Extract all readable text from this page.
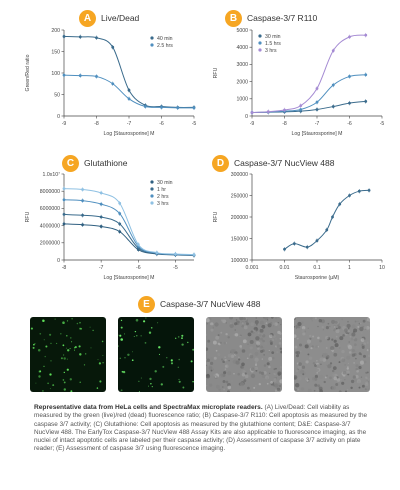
A	Live/Dead
-9	-8	-7	-6	-5
0
50
100
150
200
Log [Staurosporine] M
Green/Red ratio
40 min
2.5 hrs
B	Caspase-3/7 R110
-9	-8	-7	-6	-5
0
1000
2000
3000
4000
5000
Log [Staurosporine] M
RFU
30 min
1.5 hrs
3 hrs
C	Glutathione
-8	-7	-6	-5
0
2000000
4000000
6000000
8000000
1.0x10⁷
Log [Staurosporine] M
RFU
30 min
1 hr
2 hrs
3 hrs
D	Caspase-3/7 NucView 488
0.001	0.01	0.1	1	10
100000
150000
200000
250000
300000
Staurosporine (µM)
RFU
E	Caspase-3/7 NucView 488
Representative data from HeLa cells and SpectraMax microplate readers. (A) Live/Dead: Cell viability as measured by the green (live)/red (dead) fluorescence ratio; (B) Caspase-3/7 R110: Cell apoptosis as measured by the caspase 3/7 activity; (C) Glutathione: Cell apoptosis as measured by the glutathione content; D&E: Caspase-3/7 NucView 488. The EarlyTox Caspase-3/7 NucView 488 Assay Kits are also applicable to fluorescence imaging, as the nuclei of intact apoptotic cells are labeled per their caspase activity; (D) Assessment of caspase 3/7 activity on plate reader; (E) Assessment of caspase 3/7 using fluorescence imaging.
